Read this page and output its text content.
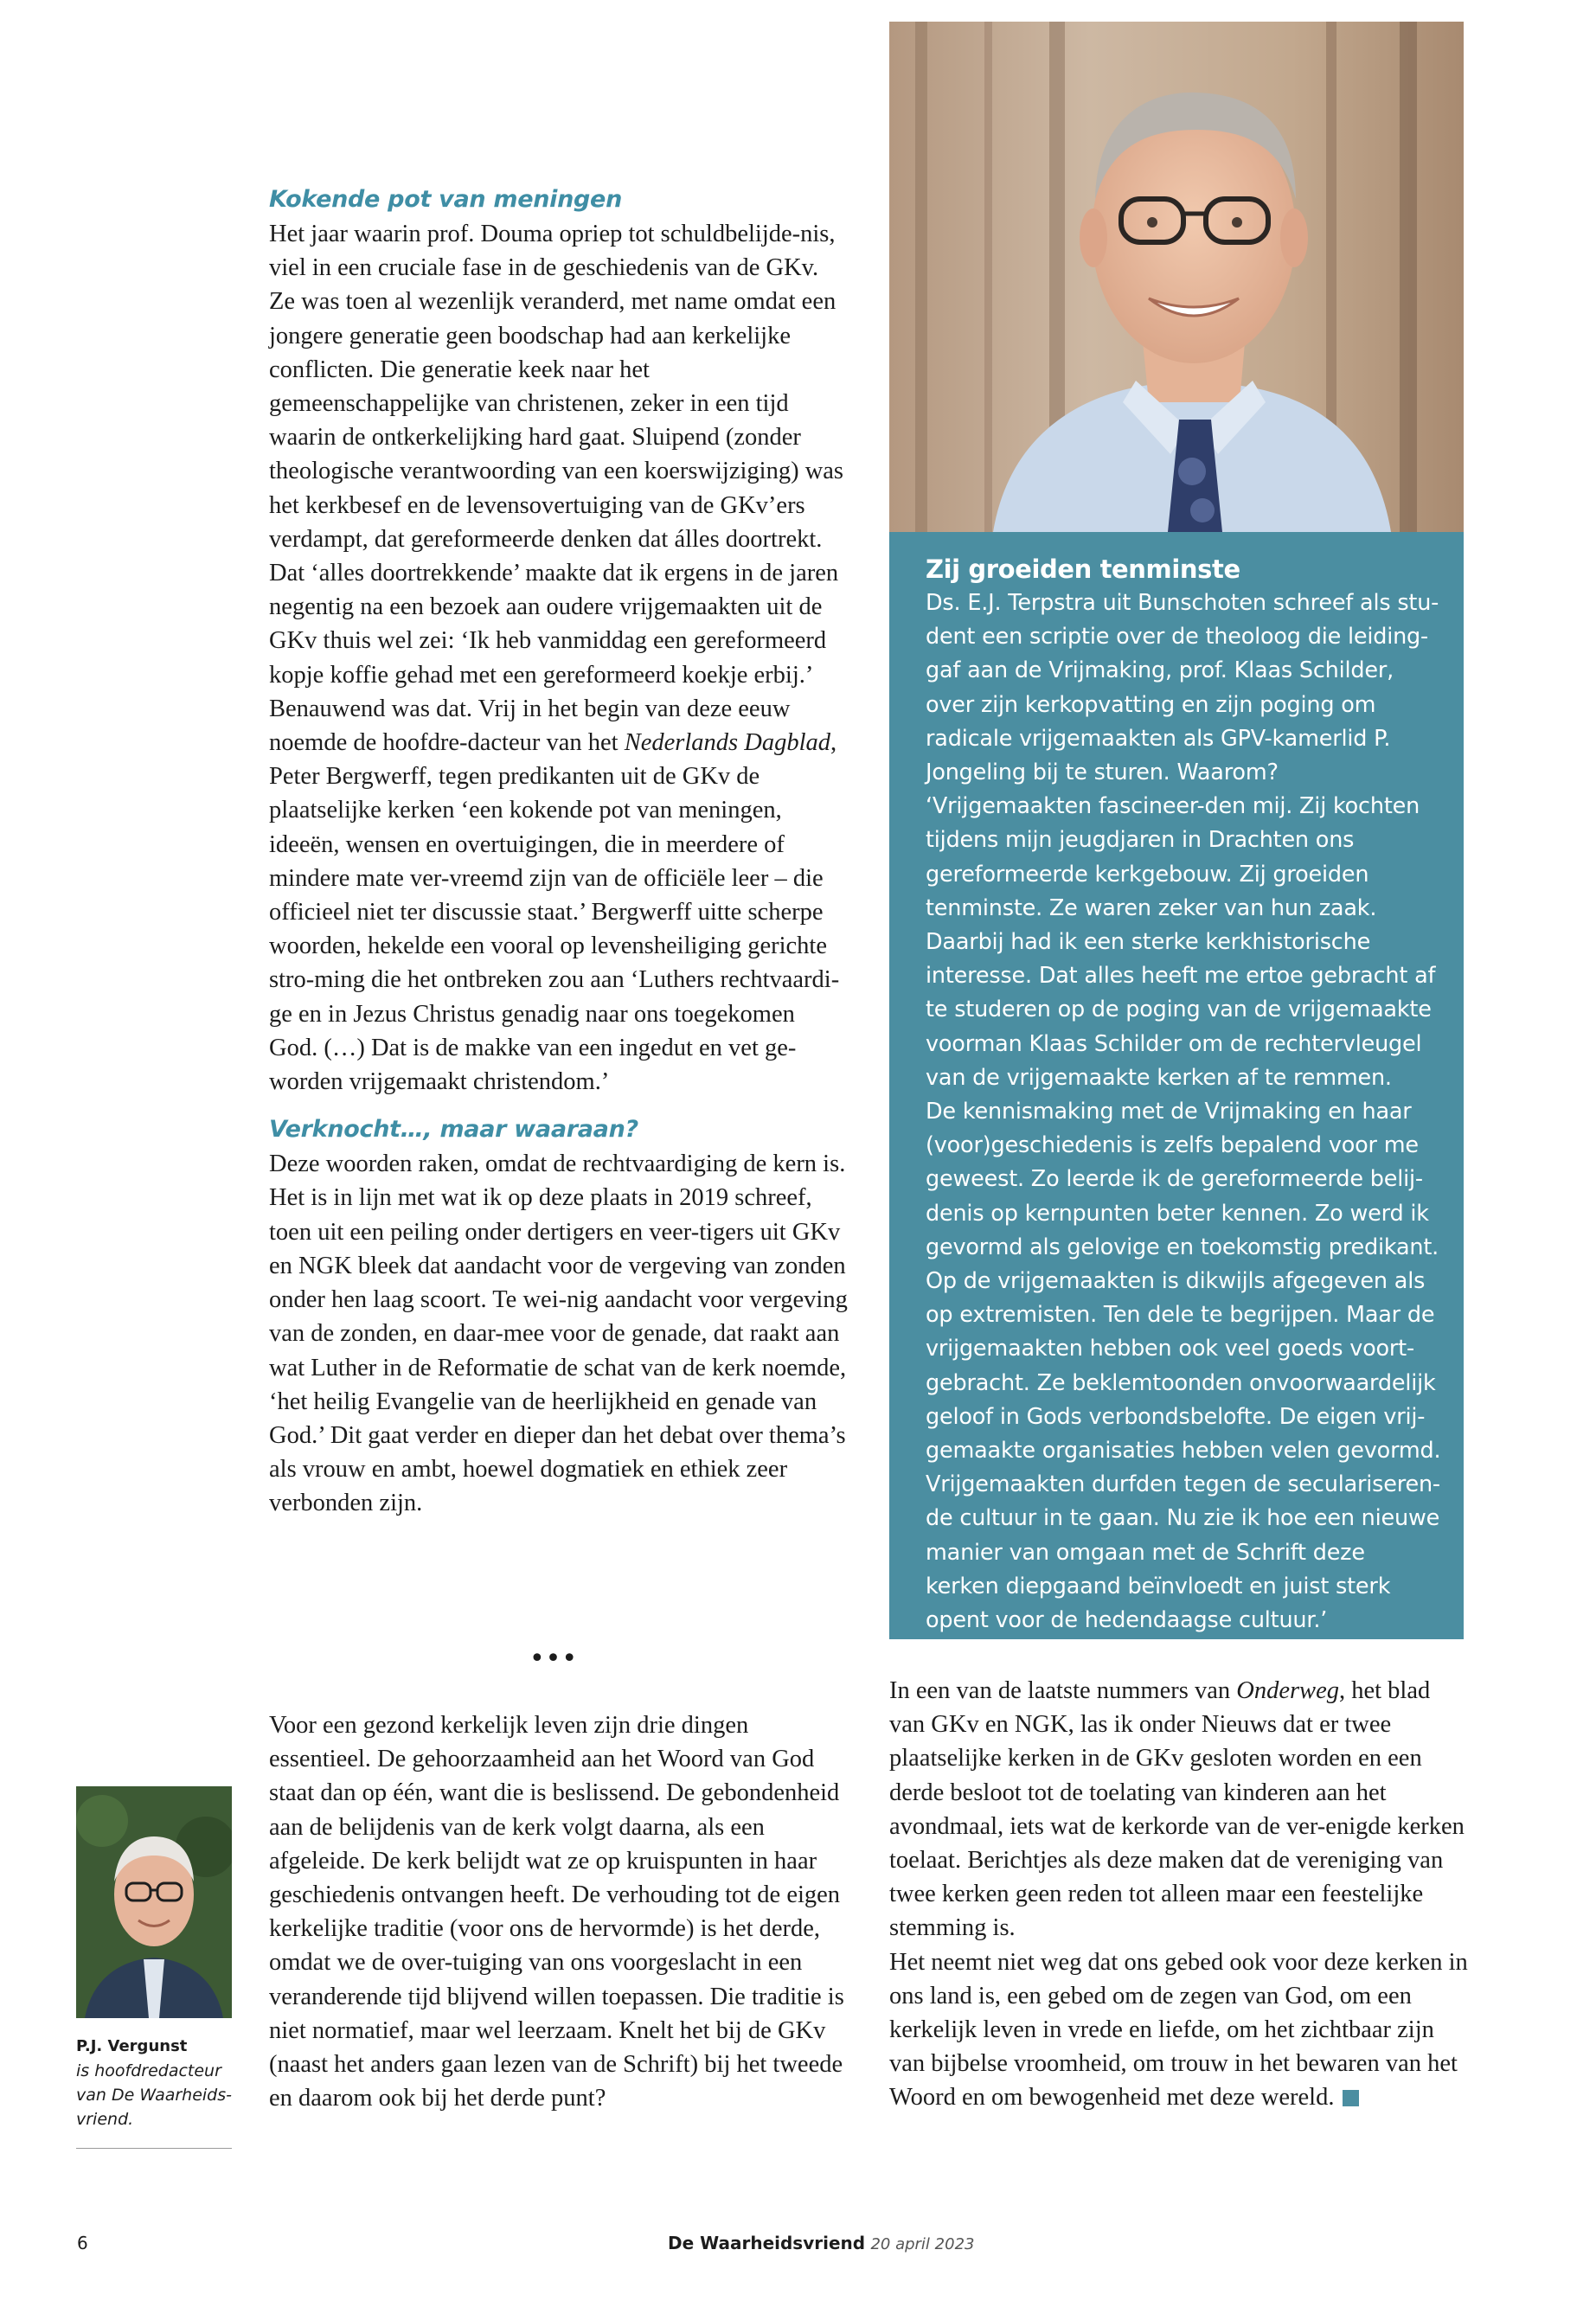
Kokende pot van meningen

Het jaar waarin prof. Douma opriep tot schuldbelijde-nis, viel in een cruciale fase in de geschiedenis van de GKv. Ze was toen al wezenlijk veranderd, met name omdat een jongere generatie geen boodschap had aan kerkelijke conflicten. Die generatie keek naar het gemeenschappelijke van christenen, zeker in een tijd waarin de ontkerkelijking hard gaat. Sluipend (zonder theologische verantwoording van een koerswijziging) was het kerkbesef en de levensovertuiging van de GKv’ers verdampt, dat gereformeerde denken dat álles doortrekt. Dat ‘alles doortrekkende’ maakte dat ik ergens in de jaren negentig na een bezoek aan oudere vrijgemaakten uit de GKv thuis wel zei: ‘Ik heb vanmiddag een gereformeerd kopje koffie gehad met een gereformeerd koekje erbij.’ Benauwend was dat. Vrij in het begin van deze eeuw noemde de hoofdre-dacteur van het Nederlands Dagblad, Peter Bergwerff, tegen predikanten uit de GKv de plaatselijke kerken ‘een kokende pot van meningen, ideeën, wensen en overtuigingen, die in meerdere of mindere mate ver-vreemd zijn van de officiële leer – die officieel niet ter discussie staat.’ Bergwerff uitte scherpe woorden, hekelde een vooral op levensheiliging gerichte stro-ming die het ontbreken zou aan ‘Luthers rechtvaardi-ge en in Jezus Christus genadig naar ons toegekomen God. (…) Dat is de makke van een ingedut en vet ge-worden vrijgemaakt christendom.’

Verknocht…, maar waaraan?

Deze woorden raken, omdat de rechtvaardiging de kern is. Het is in lijn met wat ik op deze plaats in 2019 schreef, toen uit een peiling onder dertigers en veer-tigers uit GKv en NGK bleek dat aandacht voor de vergeving van zonden onder hen laag scoort. Te wei-nig aandacht voor vergeving van de zonden, en daar-mee voor de genade, dat raakt aan wat Luther in de Reformatie de schat van de kerk noemde, ‘het heilig Evangelie van de heerlijkheid en genade van God.’ Dit gaat verder en dieper dan het debat over thema’s als vrouw en ambt, hoewel dogmatiek en ethiek zeer verbonden zijn.

•••

Voor een gezond kerkelijk leven zijn drie dingen essentieel. De gehoorzaamheid aan het Woord van God staat dan op één, want die is beslissend. De gebondenheid aan de belijdenis van de kerk volgt daarna, als een afgeleide. De kerk belijdt wat ze op kruispunten in haar geschiedenis ontvangen heeft. De verhouding tot de eigen kerkelijke traditie (voor ons de hervormde) is het derde, omdat we de over-tuiging van ons voorgeslacht in een veranderende tijd blijvend willen toepassen. Die traditie is niet normatief, maar wel leerzaam. Knelt het bij de GKv (naast het anders gaan lezen van de Schrift) bij het tweede en daarom ook bij het derde punt?

Zij groeiden tenminste

Ds. E.J. Terpstra uit Bunschoten schreef als stu-dent een scriptie over de theoloog die leiding-gaf aan de Vrijmaking, prof. Klaas Schilder, over zijn kerkopvatting en zijn poging om radicale vrijgemaakten als GPV-kamerlid P. Jongeling bij te sturen. Waarom? ‘Vrijgemaakten fascineer-den mij. Zij kochten tijdens mijn jeugdjaren in Drachten ons gereformeerde kerkgebouw. Zij groeiden tenminste. Ze waren zeker van hun zaak. Daarbij had ik een sterke kerkhistorische interesse. Dat alles heeft me ertoe gebracht af te studeren op de poging van de vrijgemaakte voorman Klaas Schilder om de rechtervleugel van de vrijgemaakte kerken af te remmen.

De kennismaking met de Vrijmaking en haar (voor)geschiedenis is zelfs bepalend voor me geweest. Zo leerde ik de gereformeerde belij-denis op kernpunten beter kennen. Zo werd ik gevormd als gelovige en toekomstig predikant. Op de vrijgemaakten is dikwijls afgegeven als op extremisten. Ten dele te begrijpen. Maar de vrijgemaakten hebben ook veel goeds voort-gebracht. Ze beklemtoonden onvoorwaardelijk geloof in Gods verbondsbelofte. De eigen vrij-gemaakte organisaties hebben velen gevormd. Vrijgemaakten durfden tegen de seculariseren-de cultuur in te gaan. Nu zie ik hoe een nieuwe manier van omgaan met de Schrift deze kerken diepgaand beïnvloedt en juist sterk opent voor de hedendaagse cultuur.’

In een van de laatste nummers van Onderweg, het blad van GKv en NGK, las ik onder Nieuws dat er twee plaatselijke kerken in de GKv gesloten worden en een derde besloot tot de toelating van kinderen aan het avondmaal, iets wat de kerkorde van de ver-enigde kerken toelaat. Berichtjes als deze maken dat de vereniging van twee kerken geen reden tot alleen maar een feestelijke stemming is.

Het neemt niet weg dat ons gebed ook voor deze kerken in ons land is, een gebed om de zegen van God, om een kerkelijk leven in vrede en liefde, om het zichtbaar zijn van bijbelse vroomheid, om trouw in het bewaren van het Woord en om bewogenheid met deze wereld.

P.J. Vergunst
is hoofdredacteur van De Waarheids-vriend.
6	De Waarheidsvriend 20 april 2023
